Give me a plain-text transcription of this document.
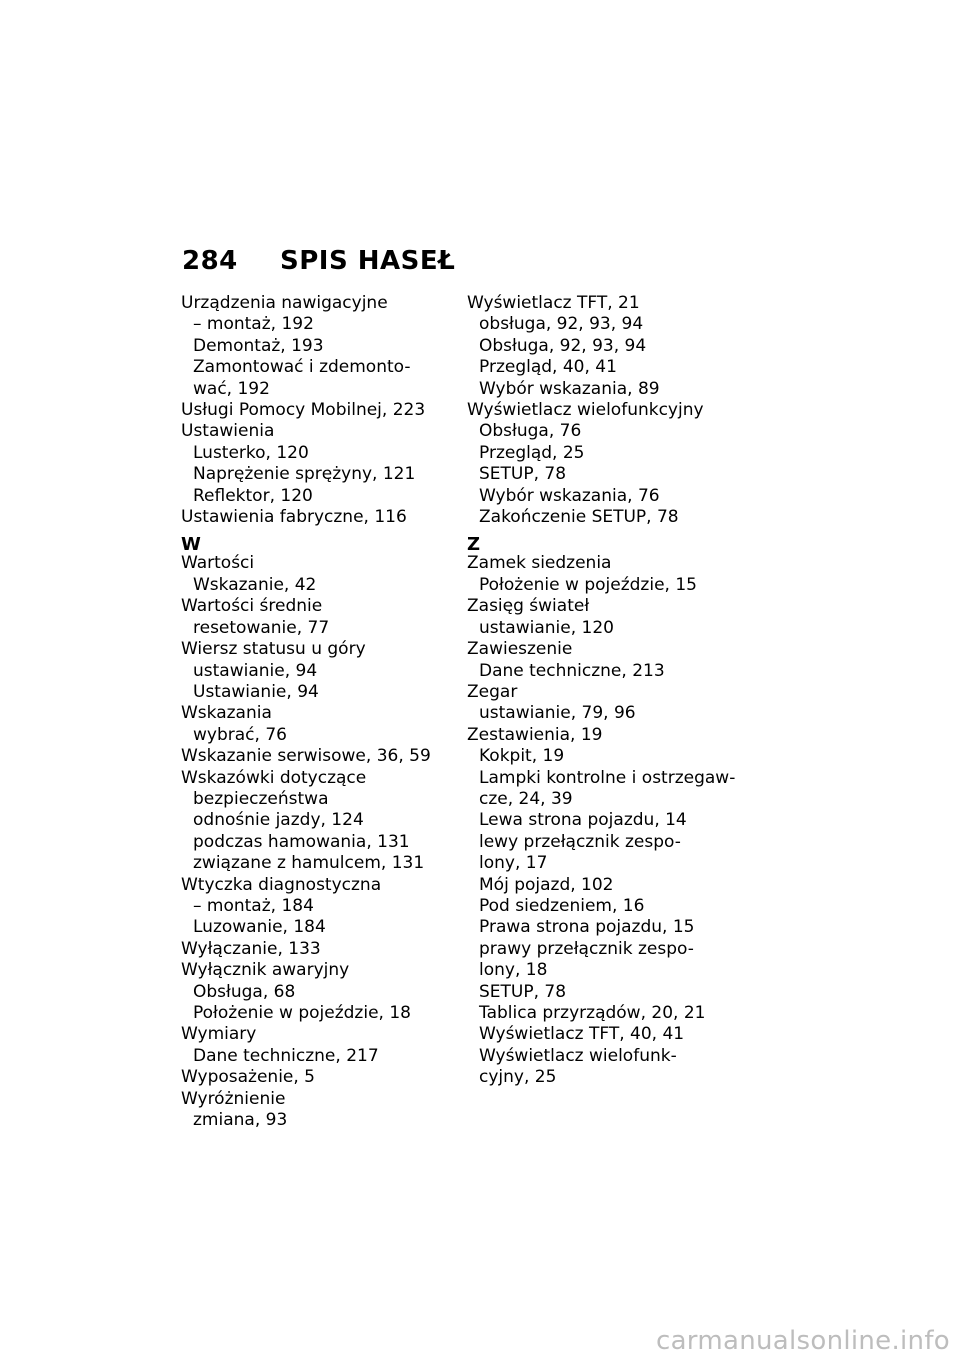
284 SPIS HASEŁ
Urządzenia nawigacyjne
– montaż, 192
Demontaż, 193
Zamontować i zdemonto-
wać, 192
Usługi Pomocy Mobilnej, 223
Ustawienia
Lusterko, 120
Naprężenie sprężyny, 121
Reflektor, 120
Ustawienia fabryczne, 116
W
Wartości
Wskazanie, 42
Wartości średnie
resetowanie, 77
Wiersz statusu u góry
ustawianie, 94
Ustawianie, 94
Wskazania
wybrać, 76
Wskazanie serwisowe, 36, 59
Wskazówki dotyczące
bezpieczeństwa
odnośnie jazdy, 124
podczas hamowania, 131
związane z hamulcem, 131
Wtyczka diagnostyczna
– montaż, 184
Luzowanie, 184
Wyłączanie, 133
Wyłącznik awaryjny
Obsługa, 68
Położenie w pojeździe, 18
Wymiary
Dane techniczne, 217
Wyposażenie, 5
Wyróżnienie
zmiana, 93
Wyświetlacz TFT, 21
obsługa, 92, 93, 94
Obsługa, 92, 93, 94
Przegląd, 40, 41
Wybór wskazania, 89
Wyświetlacz wielofunkcyjny
Obsługa, 76
Przegląd, 25
SETUP, 78
Wybór wskazania, 76
Zakończenie SETUP, 78
Z
Zamek siedzenia
Położenie w pojeździe, 15
Zasięg świateł
ustawianie, 120
Zawieszenie
Dane techniczne, 213
Zegar
ustawianie, 79, 96
Zestawienia, 19
Kokpit, 19
Lampki kontrolne i ostrzegaw-
cze, 24, 39
Lewa strona pojazdu, 14
lewy przełącznik zespo-
lony, 17
Mój pojazd, 102
Pod siedzeniem, 16
Prawa strona pojazdu, 15
prawy przełącznik zespo-
lony, 18
SETUP, 78
Tablica przyrządów, 20, 21
Wyświetlacz TFT, 40, 41
Wyświetlacz wielofunk-
cyjny, 25
carmanualsonline.info
